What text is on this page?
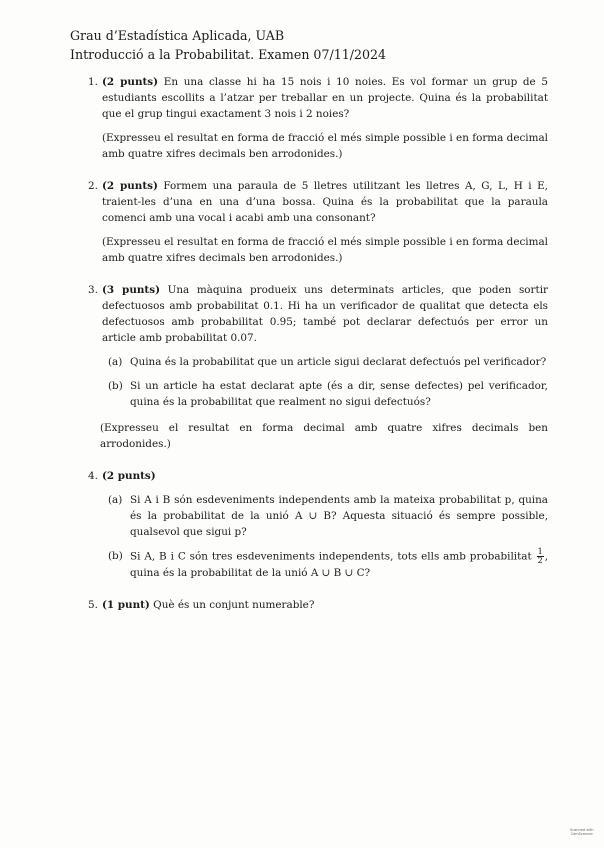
Grau d’Estadística Aplicada, UAB
Introducció a la Probabilitat. Examen 07/11/2024
1. (2 punts) En una classe hi ha 15 nois i 10 noies. Es vol formar un grup de 5 estudiants escollits a l’atzar per treballar en un projecte. Quina és la probabilitat que el grup tingui exactament 3 nois i 2 noies?
(Expresseu el resultat en forma de fracció el més simple possible i en forma decimal amb quatre xifres decimals ben arrodonides.)
2. (2 punts) Formem una paraula de 5 lletres utilitzant les lletres A, G, L, H i E, traient-les d’una en una d’una bossa. Quina és la probabilitat que la paraula comenci amb una vocal i acabi amb una consonant?
(Expresseu el resultat en forma de fracció el més simple possible i en forma decimal amb quatre xifres decimals ben arrodonides.)
3. (3 punts) Una màquina produeix uns determinats articles, que poden sortir defectuosos amb probabilitat 0.1. Hi ha un verificador de qualitat que detecta els defectuosos amb probabilitat 0.95; també pot declarar defectuós per error un article amb probabilitat 0.07.
(a) Quina és la probabilitat que un article sigui declarat defectuós pel verificador?
(b) Si un article ha estat declarat apte (és a dir, sense defectes) pel verificador, quina és la probabilitat que realment no sigui defectuós?
(Expresseu el resultat en forma decimal amb quatre xifres decimals ben arrodonides.)
4. (2 punts)
(a) Si A i B són esdeveniments independents amb la mateixa probabilitat p, quina és la probabilitat de la unió A ∪ B? Aquesta situació és sempre possible, qualsevol que sigui p?
(b) Si A, B i C són tres esdeveniments independents, tots ells amb probabilitat $\frac{1}{2}$ , quina és la probabilitat de la unió A ∪ B ∪ C?
5. (1 punt) Què és un conjunt numerable?
Scanned with
CamScanner
